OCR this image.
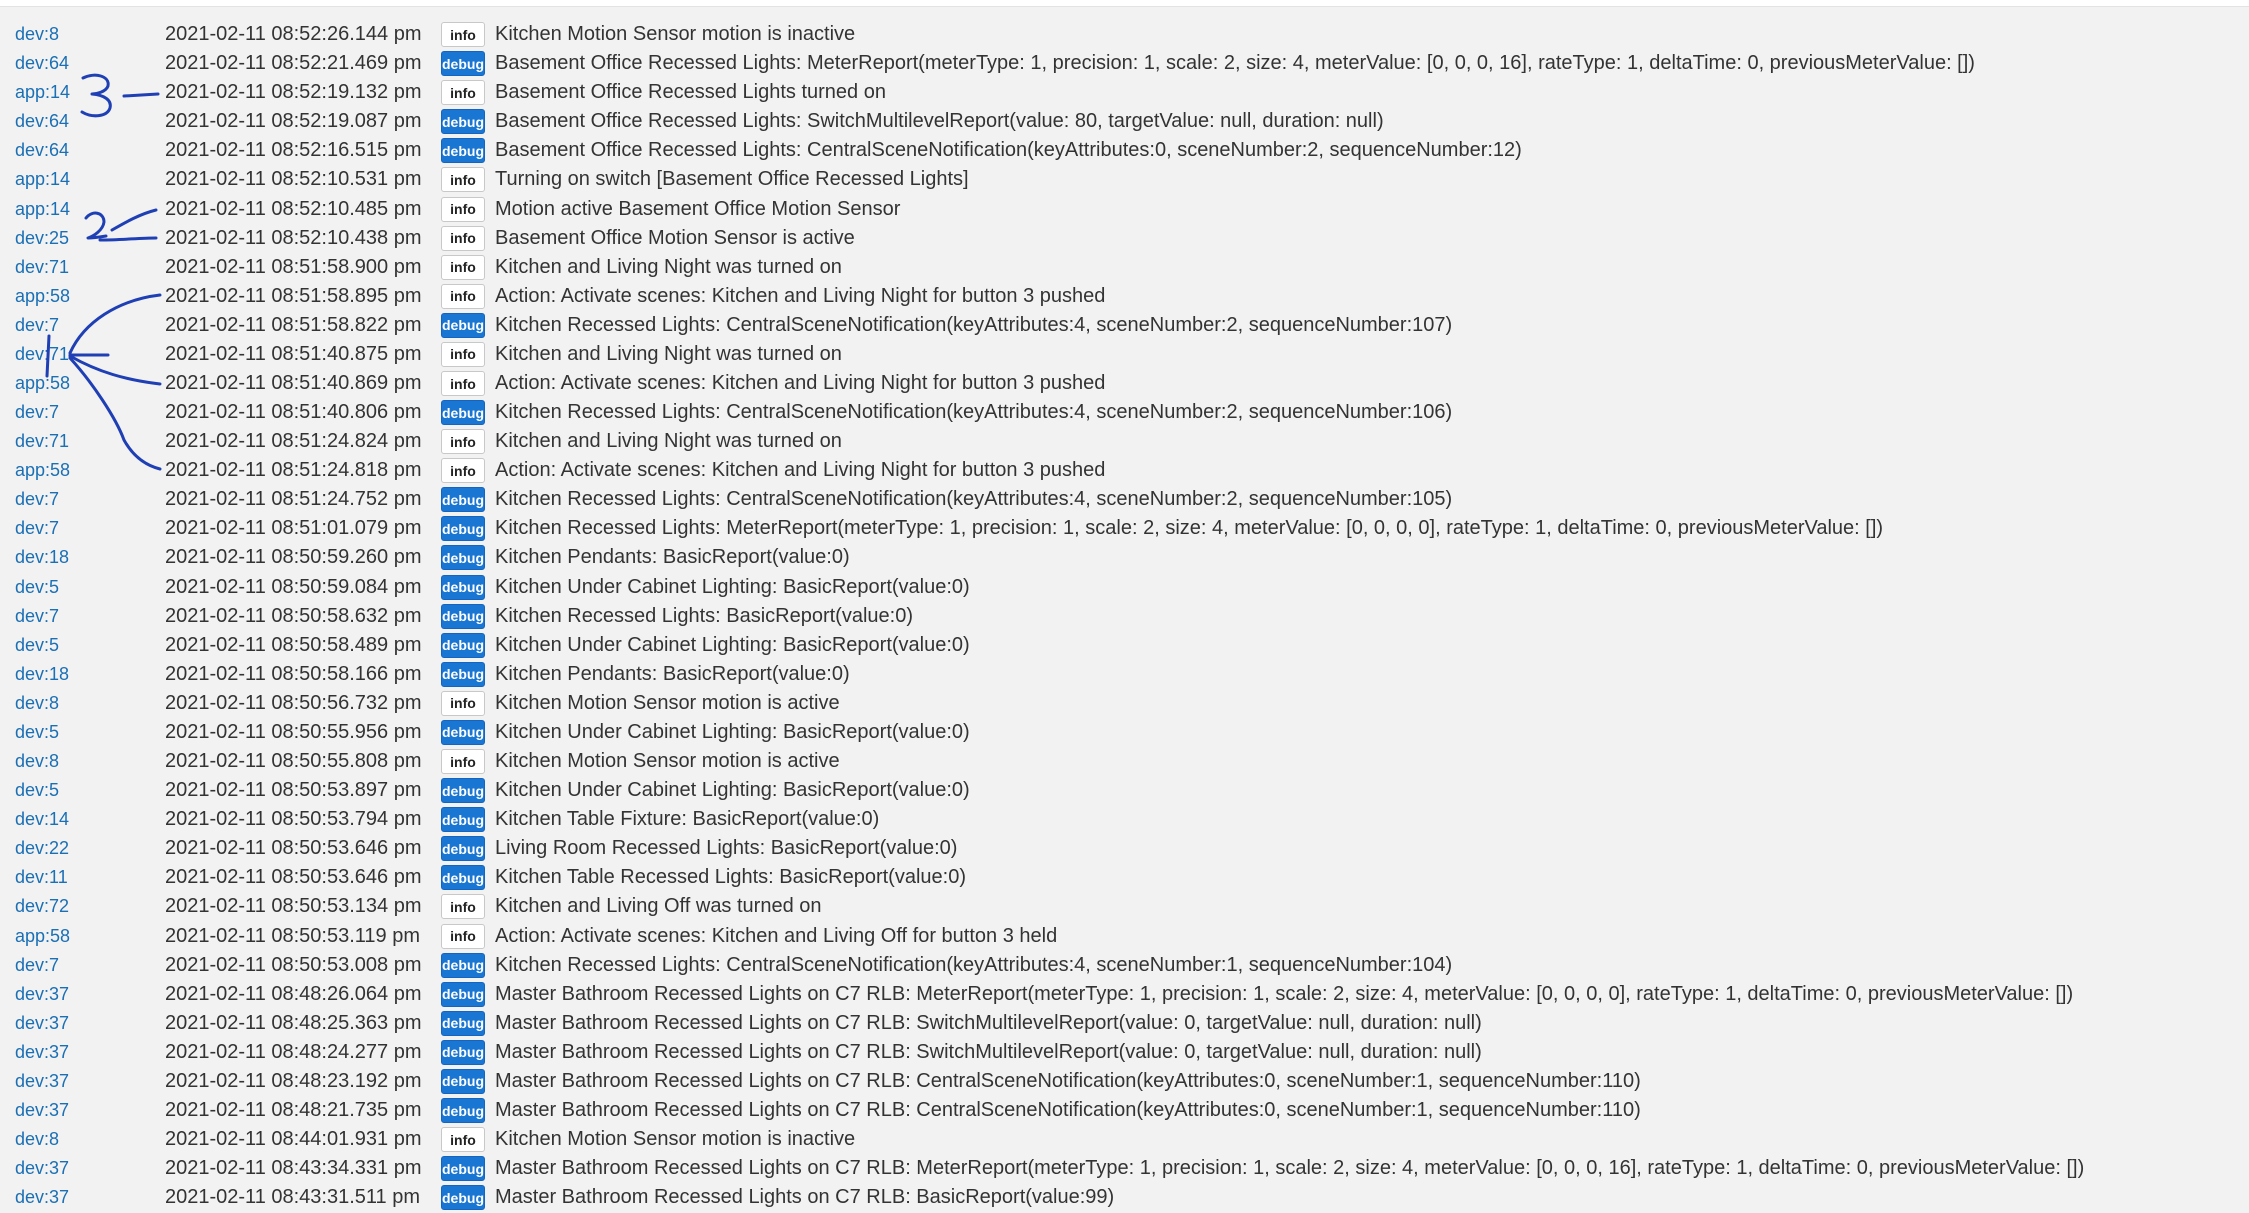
dev:8	2021-02-11 08:52:26.144 pm	info Kitchen Motion Sensor motion is inactive
dev:64	2021-02-11 08:52:21.469 pm debug Basement Office Recessed Lights: MeterReport(meterType: 1, precision: 1, scale: 2, size: 4, meterValue: [0, 0, 0, 16], rateType: 1, deltaTime: 0, previousMeterValue: [])
app:14	2021-02-11 08:52:19.132 pm	info Basement Office Recessed Lights turned on
dev:64	2021-02-11 08:52:19.087 pm debug Basement Office Recessed Lights: SwitchMultilevelReport(value: 80, targetValue: null, duration: null)
dev:64	2021-02-11 08:52:16.515 pm debug Basement Office Recessed Lights: CentralSceneNotification(keyAttributes:0, sceneNumber:2, sequenceNumber:12)
app:14	2021-02-11 08:52:10.531 pm	info Turning on switch [Basement Office Recessed Lights]
app:14	2021-02-11 08:52:10.485 pm	info Motion active Basement Office Motion Sensor
dev:25	2021-02-11 08:52:10.438 pm	info Basement Office Motion Sensor is active
dev:71	2021-02-11 08:51:58.900 pm	info Kitchen and Living Night was turned on
app:58	2021-02-11 08:51:58.895 pm	info Action: Activate scenes: Kitchen and Living Night for button 3 pushed
dev:7	2021-02-11 08:51:58.822 pm debug Kitchen Recessed Lights: CentralSceneNotification(keyAttributes:4, sceneNumber:2, sequenceNumber:107)
dev:71	2021-02-11 08:51:40.875 pm	info Kitchen and Living Night was turned on
app:58	2021-02-11 08:51:40.869 pm	info Action: Activate scenes: Kitchen and Living Night for button 3 pushed
dev:7	2021-02-11 08:51:40.806 pm debug Kitchen Recessed Lights: CentralSceneNotification(keyAttributes:4, sceneNumber:2, sequenceNumber:106)
dev:71	2021-02-11 08:51:24.824 pm	info Kitchen and Living Night was turned on
app:58	2021-02-11 08:51:24.818 pm	info Action: Activate scenes: Kitchen and Living Night for button 3 pushed
dev:7	2021-02-11 08:51:24.752 pm debug Kitchen Recessed Lights: CentralSceneNotification(keyAttributes:4, sceneNumber:2, sequenceNumber:105)
dev:7	2021-02-11 08:51:01.079 pm debug Kitchen Recessed Lights: MeterReport(meterType: 1, precision: 1, scale: 2, size: 4, meterValue: [0, 0, 0, 0], rateType: 1, deltaTime: 0, previousMeterValue: [])
dev:18	2021-02-11 08:50:59.260 pm debug Kitchen Pendants: BasicReport(value:0)
dev:5	2021-02-11 08:50:59.084 pm debug Kitchen Under Cabinet Lighting: BasicReport(value:0)
dev:7	2021-02-11 08:50:58.632 pm debug Kitchen Recessed Lights: BasicReport(value:0)
dev:5	2021-02-11 08:50:58.489 pm debug Kitchen Under Cabinet Lighting: BasicReport(value:0)
dev:18	2021-02-11 08:50:58.166 pm debug Kitchen Pendants: BasicReport(value:0)
dev:8	2021-02-11 08:50:56.732 pm	info Kitchen Motion Sensor motion is active
dev:5	2021-02-11 08:50:55.956 pm debug Kitchen Under Cabinet Lighting: BasicReport(value:0)
dev:8	2021-02-11 08:50:55.808 pm	info Kitchen Motion Sensor motion is active
dev:5	2021-02-11 08:50:53.897 pm debug Kitchen Under Cabinet Lighting: BasicReport(value:0)
dev:14	2021-02-11 08:50:53.794 pm debug Kitchen Table Fixture: BasicReport(value:0)
dev:22	2021-02-11 08:50:53.646 pm debug Living Room Recessed Lights: BasicReport(value:0)
dev:11	2021-02-11 08:50:53.646 pm debug Kitchen Table Recessed Lights: BasicReport(value:0)
dev:72	2021-02-11 08:50:53.134 pm	info Kitchen and Living Off was turned on
app:58	2021-02-11 08:50:53.119 pm	info Action: Activate scenes: Kitchen and Living Off for button 3 held
dev:7	2021-02-11 08:50:53.008 pm debug Kitchen Recessed Lights: CentralSceneNotification(keyAttributes:4, sceneNumber:1, sequenceNumber:104)
dev:37	2021-02-11 08:48:26.064 pm debug Master Bathroom Recessed Lights on C7 RLB: MeterReport(meterType: 1, precision: 1, scale: 2, size: 4, meterValue: [0, 0, 0, 0], rateType: 1, deltaTime: 0, previousMeterValue: [])
dev:37	2021-02-11 08:48:25.363 pm debug Master Bathroom Recessed Lights on C7 RLB: SwitchMultilevelReport(value: 0, targetValue: null, duration: null)
dev:37	2021-02-11 08:48:24.277 pm debug Master Bathroom Recessed Lights on C7 RLB: SwitchMultilevelReport(value: 0, targetValue: null, duration: null)
dev:37	2021-02-11 08:48:23.192 pm debug Master Bathroom Recessed Lights on C7 RLB: CentralSceneNotification(keyAttributes:0, sceneNumber:1, sequenceNumber:110)
dev:37	2021-02-11 08:48:21.735 pm debug Master Bathroom Recessed Lights on C7 RLB: CentralSceneNotification(keyAttributes:0, sceneNumber:1, sequenceNumber:110)
dev:8	2021-02-11 08:44:01.931 pm	info Kitchen Motion Sensor motion is inactive
dev:37	2021-02-11 08:43:34.331 pm debug Master Bathroom Recessed Lights on C7 RLB: MeterReport(meterType: 1, precision: 1, scale: 2, size: 4, meterValue: [0, 0, 0, 16], rateType: 1, deltaTime: 0, previousMeterValue: [])
dev:37	2021-02-11 08:43:31.511 pm debug Master Bathroom Recessed Lights on C7 RLB: BasicReport(value:99)
